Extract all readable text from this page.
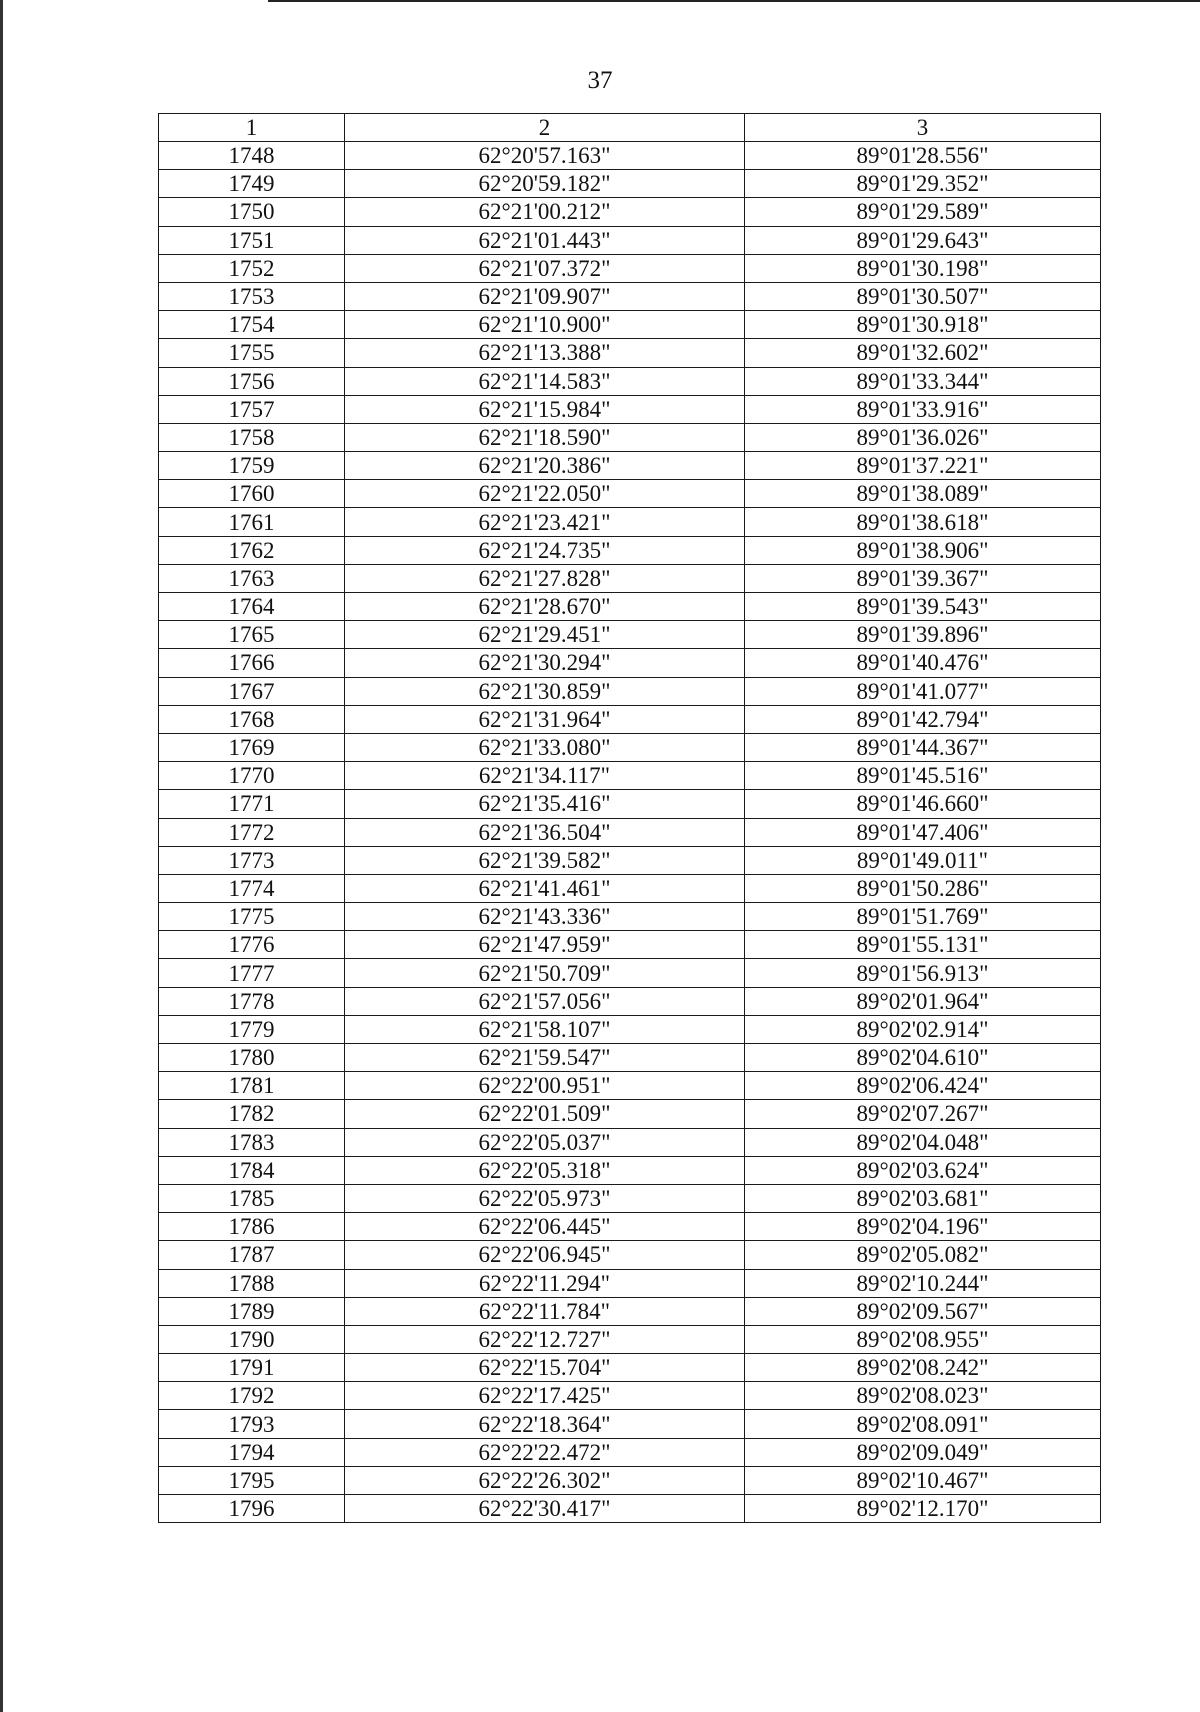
37
1	2	3
1748	62°20'57.163"	89°01'28.556"
1749	62°20'59.182"	89°01'29.352"
1750	62°21'00.212"	89°01'29.589"
1751	62°21'01.443"	89°01'29.643"
1752	62°21'07.372"	89°01'30.198"
1753	62°21'09.907"	89°01'30.507"
1754	62°21'10.900"	89°01'30.918"
1755	62°21'13.388"	89°01'32.602"
1756	62°21'14.583"	89°01'33.344"
1757	62°21'15.984"	89°01'33.916"
1758	62°21'18.590"	89°01'36.026"
1759	62°21'20.386"	89°01'37.221"
1760	62°21'22.050"	89°01'38.089"
1761	62°21'23.421"	89°01'38.618"
1762	62°21'24.735"	89°01'38.906"
1763	62°21'27.828"	89°01'39.367"
1764	62°21'28.670"	89°01'39.543"
1765	62°21'29.451"	89°01'39.896"
1766	62°21'30.294"	89°01'40.476"
1767	62°21'30.859"	89°01'41.077"
1768	62°21'31.964"	89°01'42.794"
1769	62°21'33.080"	89°01'44.367"
1770	62°21'34.117"	89°01'45.516"
1771	62°21'35.416"	89°01'46.660"
1772	62°21'36.504"	89°01'47.406"
1773	62°21'39.582"	89°01'49.011"
1774	62°21'41.461"	89°01'50.286"
1775	62°21'43.336"	89°01'51.769"
1776	62°21'47.959"	89°01'55.131"
1777	62°21'50.709"	89°01'56.913"
1778	62°21'57.056"	89°02'01.964"
1779	62°21'58.107"	89°02'02.914"
1780	62°21'59.547"	89°02'04.610"
1781	62°22'00.951"	89°02'06.424"
1782	62°22'01.509"	89°02'07.267"
1783	62°22'05.037"	89°02'04.048"
1784	62°22'05.318"	89°02'03.624"
1785	62°22'05.973"	89°02'03.681"
1786	62°22'06.445"	89°02'04.196"
1787	62°22'06.945"	89°02'05.082"
1788	62°22'11.294"	89°02'10.244"
1789	62°22'11.784"	89°02'09.567"
1790	62°22'12.727"	89°02'08.955"
1791	62°22'15.704"	89°02'08.242"
1792	62°22'17.425"	89°02'08.023"
1793	62°22'18.364"	89°02'08.091"
1794	62°22'22.472"	89°02'09.049"
1795	62°22'26.302"	89°02'10.467"
1796	62°22'30.417"	89°02'12.170"
